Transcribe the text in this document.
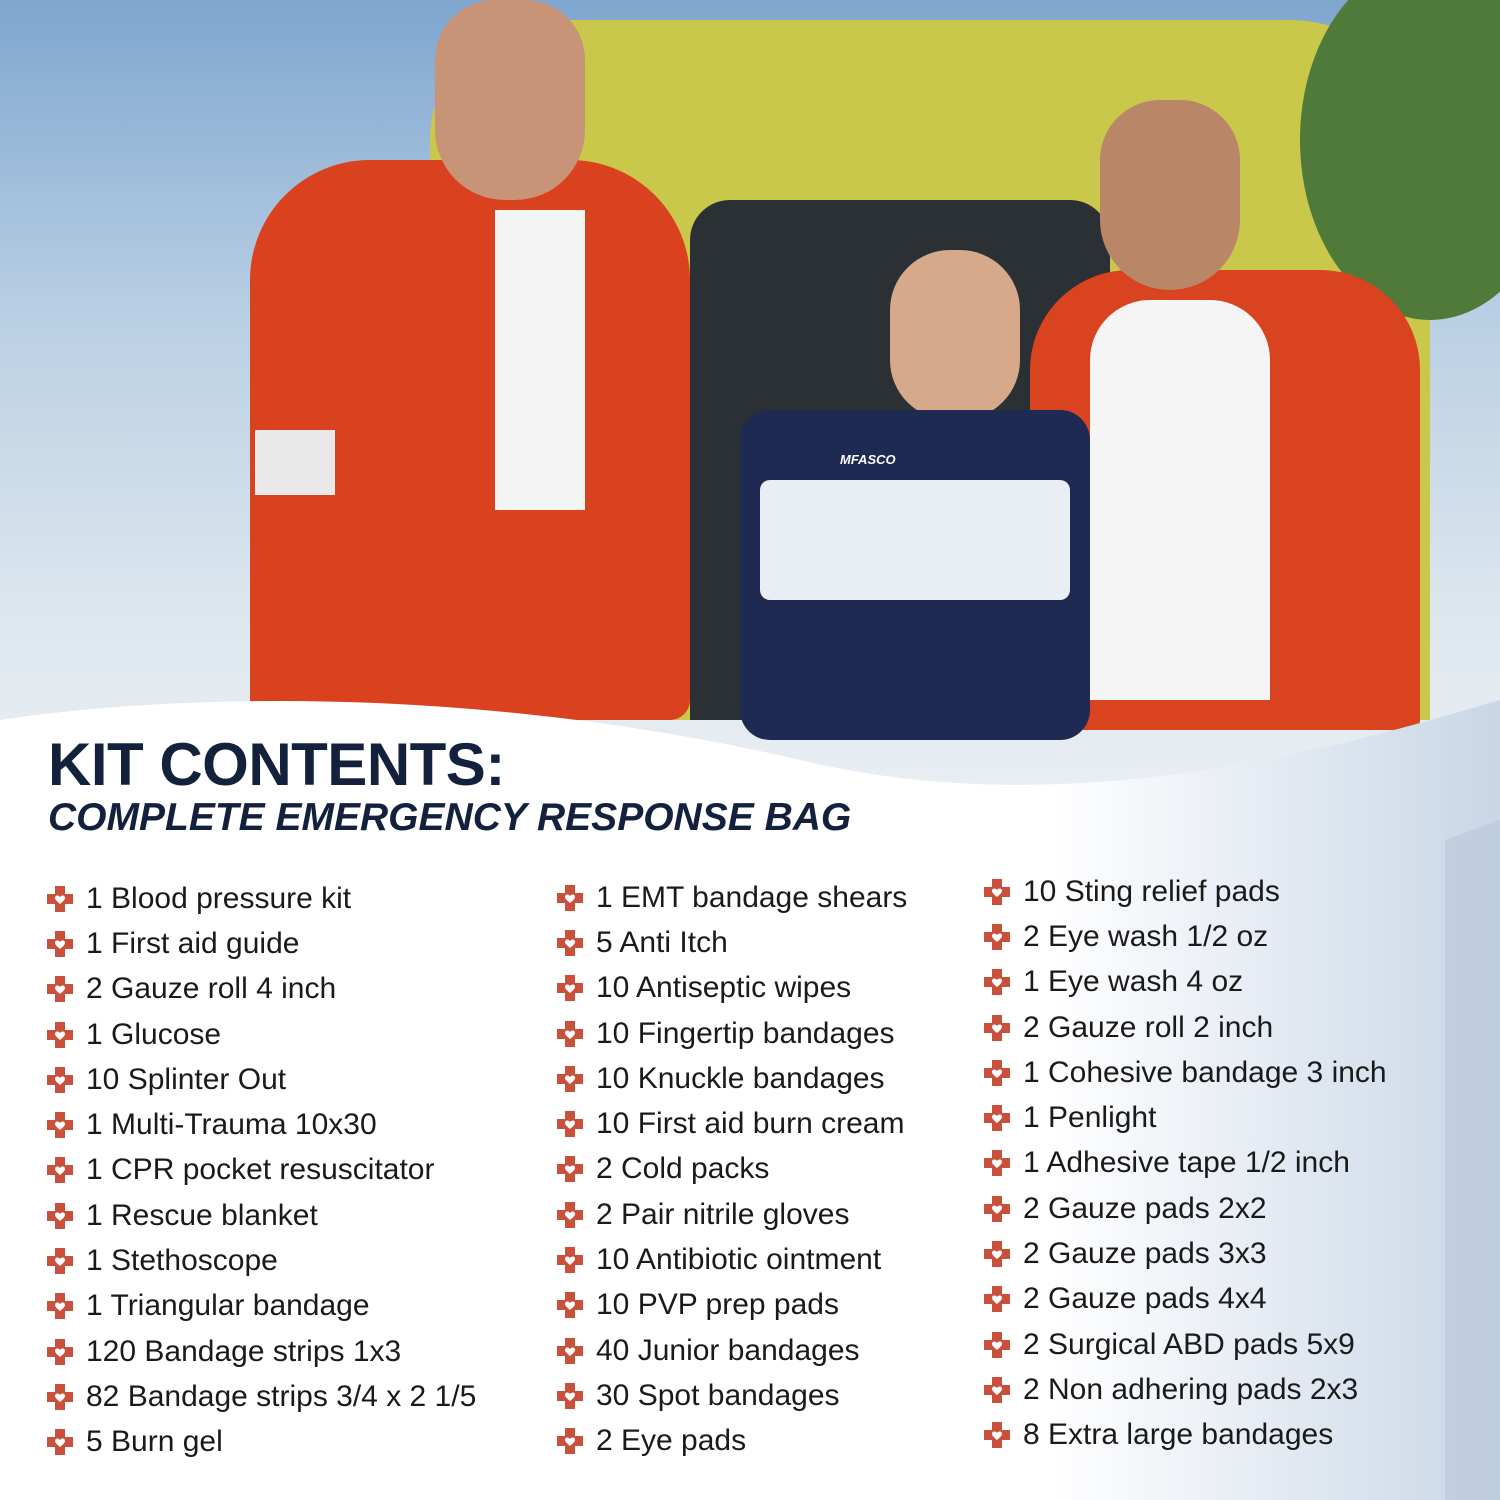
MFASCO
KIT CONTENTS:
COMPLETE EMERGENCY RESPONSE BAG
1 Blood pressure kit
1 First aid guide
2 Gauze roll 4 inch
1 Glucose
10 Splinter Out
1 Multi-Trauma 10x30
1 CPR pocket resuscitator
1 Rescue blanket
1 Stethoscope
1 Triangular bandage
120 Bandage strips 1x3
82 Bandage strips 3/4 x 2 1/5
5 Burn gel
1 EMT bandage shears
5 Anti Itch
10 Antiseptic wipes
10 Fingertip bandages
10 Knuckle bandages
10 First aid burn cream
2 Cold packs
2 Pair nitrile gloves
10 Antibiotic ointment
10 PVP prep pads
40 Junior bandages
30 Spot bandages
2 Eye pads
10 Sting relief pads
2 Eye wash 1/2 oz
1 Eye wash 4 oz
2 Gauze roll 2 inch
1 Cohesive bandage 3 inch
1 Penlight
1 Adhesive tape 1/2 inch
2 Gauze pads 2x2
2 Gauze pads 3x3
2 Gauze pads 4x4
2 Surgical ABD pads 5x9
2 Non adhering pads 2x3
8 Extra large bandages
